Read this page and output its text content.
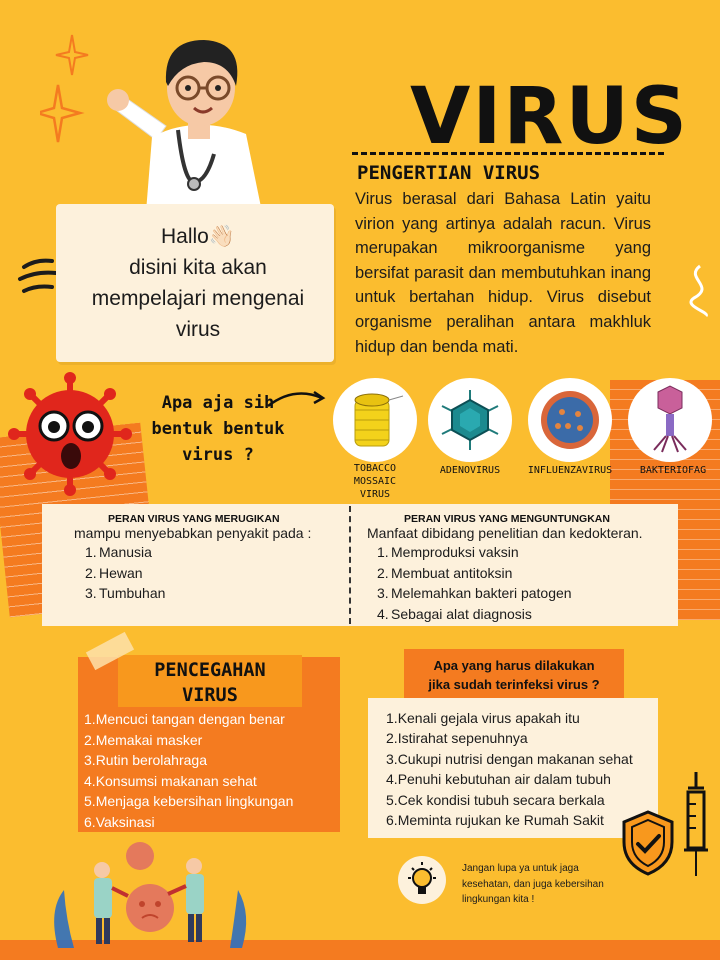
VIRUS
PENGERTIAN VIRUS
Virus berasal dari Bahasa Latin yaitu virion yang artinya adalah racun. Virus merupakan mikroorganisme yang bersifat parasit dan membutuhkan inang untuk bertahan hidup. Virus disebut organisme peralihan antara makhluk hidup dan benda mati.
Hallo👋🏻
disini kita akan
mempelajari mengenai
virus
Apa aja sih
bentuk bentuk
virus ?
TOBACCO
MOSSAIC
VIRUS
ADENOVIRUS	INFLUENZAVIRUS	BAKTERIOFAG
PERAN VIRUS YANG MERUGIKAN
mampu menyebabkan penyakit pada :
1. Manusia
2. Hewan
3. Tumbuhan
PERAN VIRUS YANG MENGUNTUNGKAN
Manfaat dibidang penelitian dan kedokteran.
1. Memproduksi vaksin
2. Membuat antitoksin
3. Melemahkan bakteri patogen
4. Sebagai alat diagnosis
PENCEGAHAN
VIRUS
1.Mencuci tangan dengan benar
2.Memakai masker
3.Rutin berolahraga
4.Konsumsi makanan sehat
5.Menjaga kebersihan lingkungan
6.Vaksinasi
Apa yang harus dilakukan
jika sudah terinfeksi virus ?
1.Kenali gejala virus apakah itu
2.Istirahat sepenuhnya
3.Cukupi nutrisi dengan makanan sehat
4.Penuhi kebutuhan air dalam tubuh
5.Cek kondisi tubuh secara berkala
6.Meminta rujukan ke Rumah Sakit
Jangan lupa ya untuk jaga
kesehatan, dan juga kebersihan
lingkungan kita !
